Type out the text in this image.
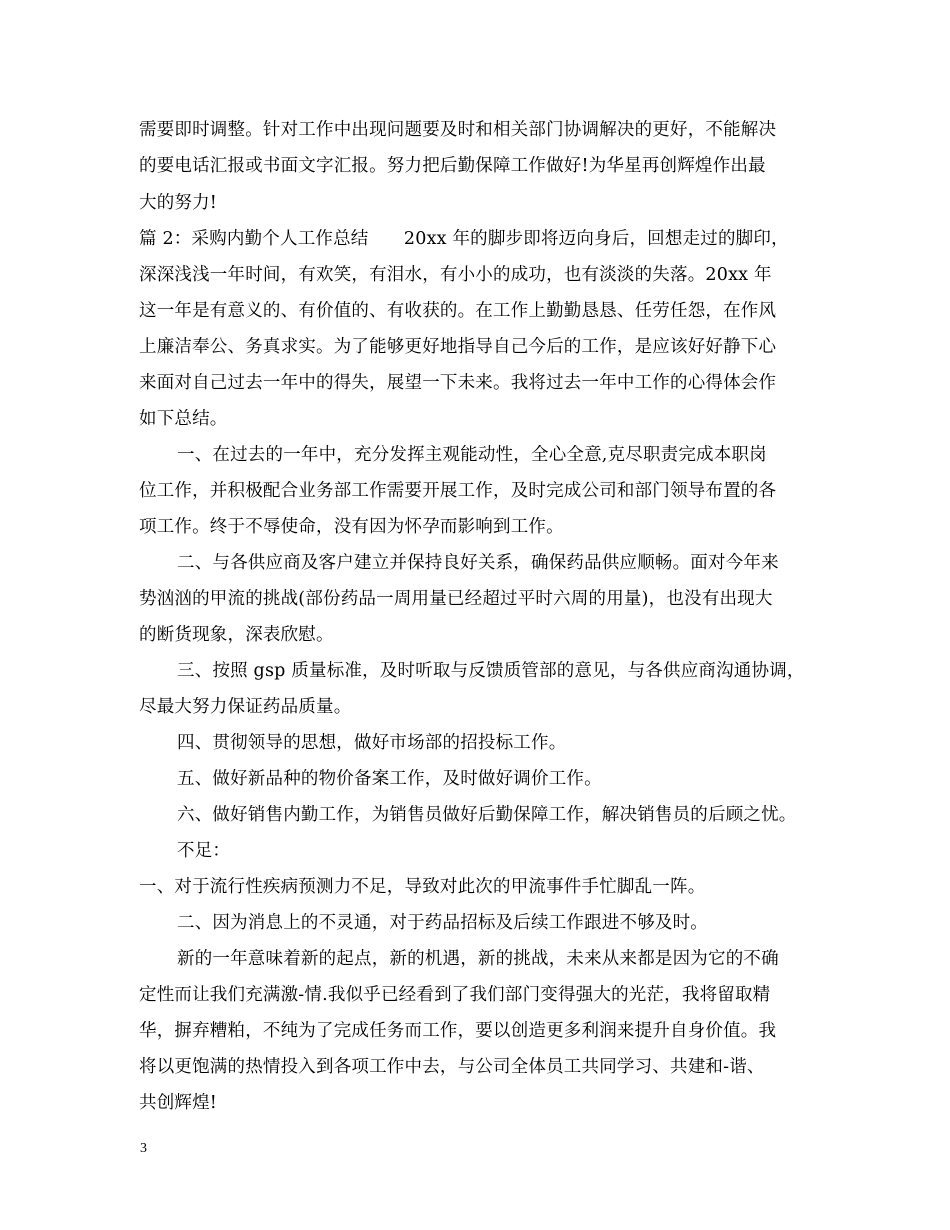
需要即时调整。针对工作中出现问题要及时和相关部门协调解决的更好，不能解决
的要电话汇报或书面文字汇报。努力把后勤保障工作做好!为华星再创辉煌作出最
大的努力!
篇 2：采购内勤个人工作总结　　20xx 年的脚步即将迈向身后，回想走过的脚印，
深深浅浅一年时间，有欢笑，有泪水，有小小的成功，也有淡淡的失落。20xx 年
这一年是有意义的、有价值的、有收获的。在工作上勤勤恳恳、任劳任怨，在作风
上廉洁奉公、务真求实。为了能够更好地指导自己今后的工作，是应该好好静下心
来面对自己过去一年中的得失，展望一下未来。我将过去一年中工作的心得体会作
如下总结。
一、在过去的一年中，充分发挥主观能动性，全心全意,克尽职责完成本职岗
位工作，并积极配合业务部工作需要开展工作，及时完成公司和部门领导布置的各
项工作。终于不辱使命，没有因为怀孕而影响到工作。
二、与各供应商及客户建立并保持良好关系，确保药品供应顺畅。面对今年来
势汹汹的甲流的挑战(部份药品一周用量已经超过平时六周的用量)，也没有出现大
的断货现象，深表欣慰。
三、按照 gsp 质量标准，及时听取与反馈质管部的意见，与各供应商沟通协调，
尽最大努力保证药品质量。
四、贯彻领导的思想，做好市场部的招投标工作。
五、做好新品种的物价备案工作，及时做好调价工作。
六、做好销售内勤工作，为销售员做好后勤保障工作，解决销售员的后顾之忧。
不足：
一、对于流行性疾病预测力不足，导致对此次的甲流事件手忙脚乱一阵。
二、因为消息上的不灵通，对于药品招标及后续工作跟进不够及时。
新的一年意味着新的起点，新的机遇，新的挑战，未来从来都是因为它的不确
定性而让我们充满激-情.我似乎已经看到了我们部门变得强大的光茫，我将留取精
华，摒弃糟粕，不纯为了完成任务而工作，要以创造更多利润来提升自身价值。我
将以更饱满的热情投入到各项工作中去，与公司全体员工共同学习、共建和-谐、
共创辉煌!
3
